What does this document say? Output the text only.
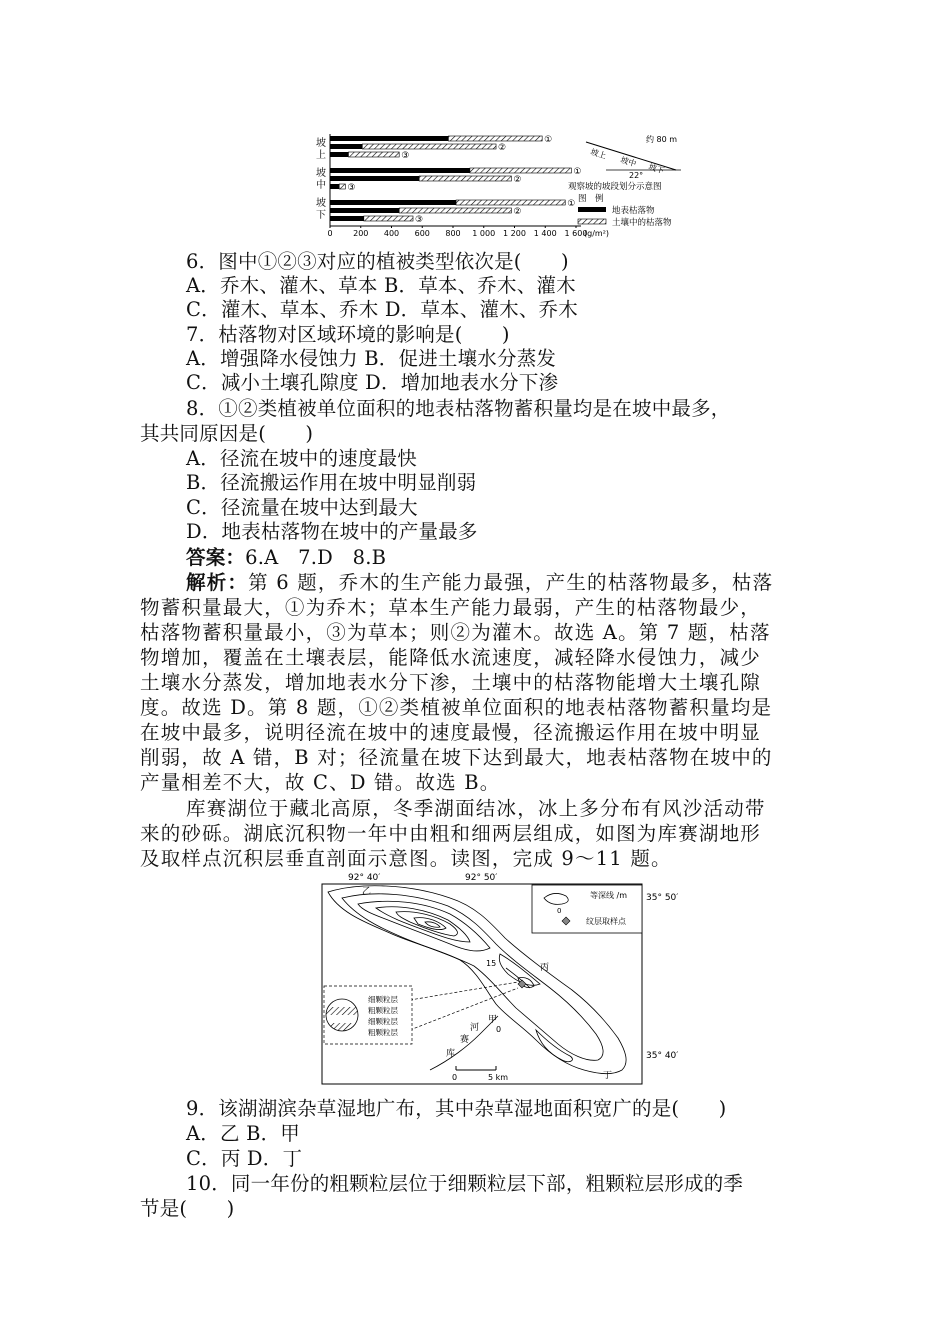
坡
上
坡
中
坡
下
①
②
③
①
②
③
①
②
③
0	200 400 600 800 1 000 1 200 1 400 1 600
(g/m²)
约 80 m
坡上
坡中
坡下
22°
观察坡的坡段划分示意图
图　例
地表枯落物
土壤中的枯落物
6．图中①②③对应的植被类型依次是(　　)
A．乔木、灌木、草本 B．草本、乔木、灌木
C．灌木、草本、乔木 D．草本、灌木、乔木
7．枯落物对区域环境的影响是(　　)
A．增强降水侵蚀力 B．促进土壤水分蒸发
C．减小土壤孔隙度 D．增加地表水分下渗
8．①②类植被单位面积的地表枯落物蓄积量均是在坡中最多，
其共同原因是(　　)
A．径流在坡中的速度最快
B．径流搬运作用在坡中明显削弱
C．径流量在坡中达到最大
D．地表枯落物在坡中的产量最多
答案：6.A　7.D　8.B
解析：第 6 题，乔木的生产能力最强，产生的枯落物最多，枯落
物蓄积量最大，①为乔木；草本生产能力最弱，产生的枯落物最少，
枯落物蓄积量最小，③为草本；则②为灌木。故选 A。第 7 题，枯落
物增加，覆盖在土壤表层，能降低水流速度，减轻降水侵蚀力，减少
土壤水分蒸发，增加地表水分下渗，土壤中的枯落物能增大土壤孔隙
度。故选 D。第 8 题，①②类植被单位面积的地表枯落物蓄积量均是
在坡中最多，说明径流在坡中的速度最慢，径流搬运作用在坡中明显
削弱，故 A 错，B 对；径流量在坡下达到最大，地表枯落物在坡中的
产量相差不大，故 C、D 错。故选 B。
库赛湖位于藏北高原，冬季湖面结冰，冰上多分布有风沙活动带
来的砂砾。湖底沉积物一年中由粗和细两层组成，如图为库赛湖地形
及取样点沉积层垂直剖面示意图。读图，完成 9～11 题。
92° 40′	92° 50′
35° 50′
35° 40′
0
等深线 /m
纹层取样点
15
0
细颗粒层
粗颗粒层
细颗粒层
粗颗粒层
乙
丙
甲
丁
河
赛
库
0	5 km
9．该湖湖滨杂草湿地广布，其中杂草湿地面积宽广的是(　　)
A．乙 B．甲
C．丙 D．丁
10．同一年份的粗颗粒层位于细颗粒层下部，粗颗粒层形成的季
节是(　　)
